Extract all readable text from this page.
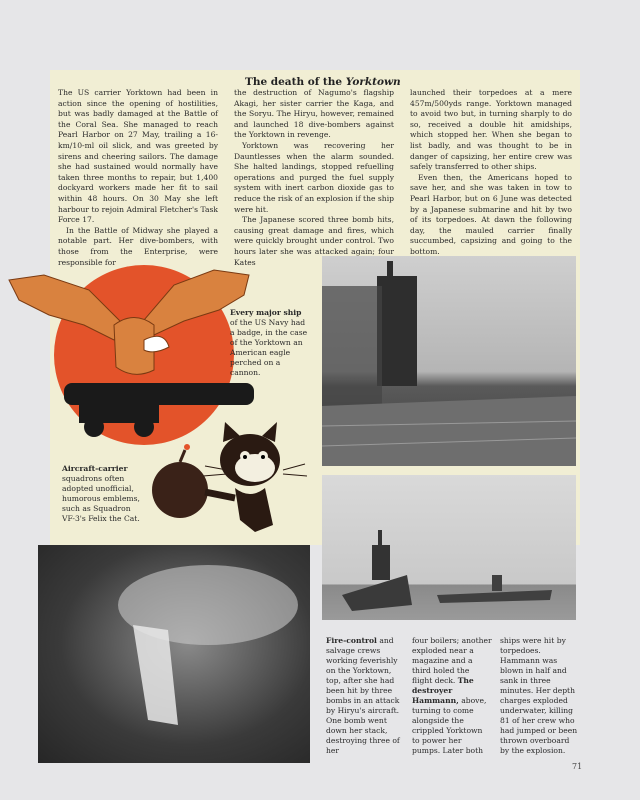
The death of the Yorktown

The US carrier Yorktown had been in action since the opening of hostilities, but was badly damaged at the Battle of the Coral Sea. She managed to reach Pearl Harbor on 27 May, trailing a 16-km/10-ml oil slick, and was greeted by sirens and cheering sailors. The damage she had sustained would normally have taken three months to repair, but 1,400 dockyard workers made her fit to sail within 48 hours. On 30 May she left harbour to rejoin Admiral Fletcher's Task Force 17.

In the Battle of Midway she played a notable part. Her dive-bombers, with those from the Enterprise, were responsible for

the destruction of Nagumo's flagship Akagi, her sister carrier the Kaga, and the Soryu. The Hiryu, however, remained and launched 18 dive-bombers against the Yorktown in revenge.

Yorktown was recovering her Dauntlesses when the alarm sounded. She halted landings, stopped refuelling operations and purged the fuel supply system with inert carbon dioxide gas to reduce the risk of an explosion if the ship were hit.

The Japanese scored three bomb hits, causing great damage and fires, which were quickly brought under control. Two hours later she was attacked again; four Kates

launched their torpedoes at a mere 457m/500yds range. Yorktown managed to avoid two but, in turning sharply to do so, received a double hit amidships, which stopped her. When she began to list badly, and was thought to be in danger of capsizing, her entire crew was safely transferred to other ships.

Even then, the Americans hoped to save her, and she was taken in tow to Pearl Harbor, but on 6 June was detected by a Japanese submarine and hit by two of its torpedoes. At dawn the following day, the mauled carrier finally succumbed, capsizing and going to the bottom.

Every major ship of the US Navy had a badge, in the case of the Yorktown an American eagle perched on a cannon.
Aircraft-carrier squadrons often adopted unofficial, humorous emblems, such as Squadron VF-3's Felix the Cat.
Fire-control and salvage crews working feverishly on the Yorktown, top, after she had been hit by three bombs in an attack by Hiryu's aircraft. One bomb went down her stack, destroying three of her
four boilers; another exploded near a magazine and a third holed the flight deck. The destroyer Hammann, above, turning to come alongside the crippled Yorktown to power her pumps. Later both
ships were hit by torpedoes. Hammann was blown in half and sank in three minutes. Her depth charges exploded underwater, killing 81 of her crew who had jumped or been thrown overboard by the explosion.
71
